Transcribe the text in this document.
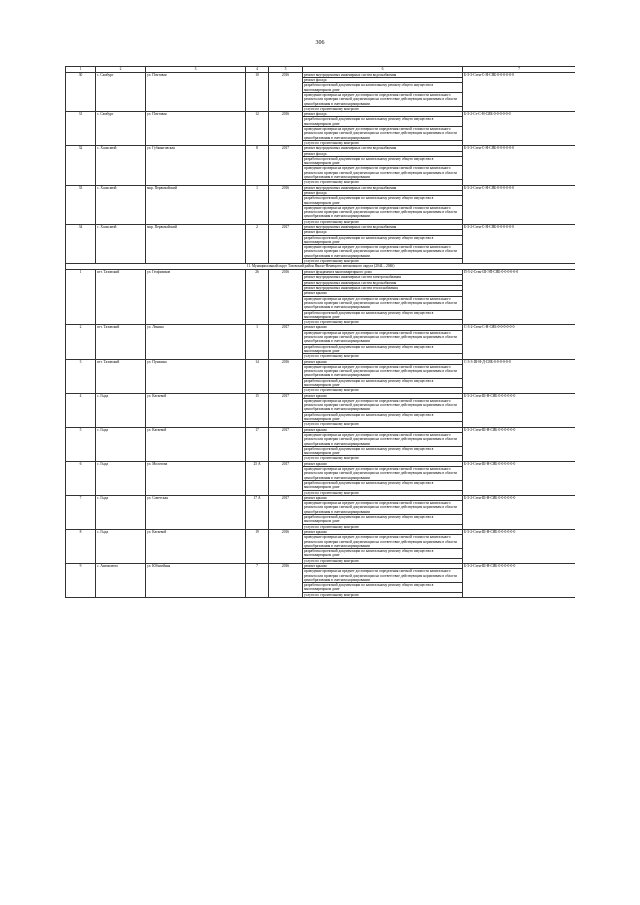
306
1	2	3	4	5	6	7
30	с. Самбург	ул. Почтовая	10	2016	ремонт внутридомовых инженерных систем водоснабжения	Б-3-3-Стен-С-Н-СЯБ-0-0-0-0-0-0
					ремонт фасада	
					разработка проектной документации на капитальному ремонту общего имущества в многоквартирном доме	
					проведение проверки на предмет достоверности определения сметной стоимости капитального ремонта или проверки сметной документации на соответствие действующим нормативам в области ценообразования в сметном нормировании	
					услуги по строительному контролю	
31	с. Самбург	ул. Почтовая	12	2016	ремонт фасада	Б-3-2-Ст-С-Н-СЯБ-0-0-0-0-0-0
					разработка проектной документации по капитальному ремонту общего имущества в многоквартирном доме	
					проведение проверки на предмет достоверности определения сметной стоимости капитального ремонта или проверки сметной документации на соответствие действующим нормативам в области ценообразования в сметном нормировании	
					услуги по строительному контролю	
32	с. Халясавэй	ул. Губкинговская	8	2017	ремонт внутридомовых инженерных систем водоснабжения	Б-3-3-Стен-С-Н-СЯБ-0-0-0-0-0-0
					ремонт фасада	
					разработка проектной документации по капитальному ремонту общего имущества в многоквартирном доме	
					проведение проверки на предмет достоверности определения сметной стоимости капитального ремонта или проверки сметной документации на соответствие действующим нормативам в области ценообразования в сметном нормировании	
					услуги по строительному контролю	
33	с. Халясавэй	мкр. Первомайский	1	2016	ремонт внутридомовых инженерных систем водоснабжения	Б-3-2-Стен-С-Н-СЯБ-0-0-0-0-0-0
					ремонт фасада	
					разработка проектной документации по капитальному ремонту общего имущества в многоквартирном доме	
					проведение проверки на предмет достоверности определения сметной стоимости капитального ремонта или проверки сметной документации на соответствие действующим нормативам в области ценообразования в сметном нормировании	
					услуги по строительному контролю	
34	с. Халясавэй	мкр. Первомайский	2	2017	ремонт внутридомовых инженерных систем водоснабжения	Б-3-2-Стен-С-Н-СЯБ-0-0-0-0-0-0
					ремонт фасада	
					разработка проектной документации по капитальному ремонту общего имущества в многоквартирном доме	
					проведение проверки на предмет достоверности определения сметной стоимости капитального ремонта или проверки сметной документации на соответствие действующим нормативам в области ценообразования в сметном нормировании	
					услуги по строительному контролю	
11. Муниципальный округ Тазовский район Ямало-Ненецкого автономного округа (2044 – 2046)						
1	пгт. Тазовский	ул. Геофизиков	26	2016	ремонт фундамента многоквартирного дома	П-3-2-Стен-Ш-ЭП-СЯБ-0-0-0-0-0-0
					ремонт внутридомовых инженерных систем электроснабжения	
					ремонт внутридомовых инженерных систем водоснабжения	
					ремонт внутридомовых инженерных систем теплоснабжения	
					ремонт крыши	
					проведение проверки на предмет достоверности определения сметной стоимости капитального ремонта или проверки сметной документации на соответствие действующим нормативам в области ценообразования в сметном нормировании	
					разработка проектной документации по капитальному ремонту общего имущества в многоквартирном доме	
					услуги по строительному контролю	
2	пгт. Тазовский	ул. Ленина	1	2017	ремонт крыши	С-3-2-Стен-С-Н-СЯБ-0-0-0-0-0-0
					проведение проверки на предмет достоверности определения сметной стоимости капитального ремонта или проверки сметной документации на соответствие действующим нормативам в области ценообразования в сметном нормировании	
					разработка проектной документации по капитальному ремонту общего имущества в многоквартирном доме	
					услуги по строительному контролю	
3	пгт. Тазовский	ул. Пушкина	14	2016	ремонт крыши	С-3-3-Ш-Н-Д-СЯБ-0-0-0-0-0-0
					проведение проверки на предмет достоверности определения сметной стоимости капитального ремонта или проверки сметной документации на соответствие действующим нормативам в области ценообразования в сметном нормировании	
					разработка проектной документации по капитальному ремонту общего имущества в многоквартирном доме	
					услуги по строительному контролю	
4	с. Гыда	ул. Катаевой	15	2017	ремонт крыши	Б-3-2-Стен-Ш-Н-СЯБ-0-0-0-0-0-0
					проведение проверки на предмет достоверности определения сметной стоимости капитального ремонта или проверки сметной документации на соответствие действующим нормативам в области ценообразования в сметном нормировании	
					разработка проектной документации по капитальному ремонту общего имущества в многоквартирном доме	
					услуги по строительному контролю	
5	с. Гыда	ул. Катаевой	17	2017	ремонт крыши	Б-3-2-Стен-Ш-Н-СЯБ-0-0-0-0-0-0
					проведение проверки на предмет достоверности определения сметной стоимости капитального ремонта или проверки сметной документации на соответствие действующим нормативам в области ценообразования в сметном нормировании	
					разработка проектной документации по капитальному ремонту общего имущества в многоквартирном доме	
					услуги по строительному контролю	
6	с. Гыда	ул. Молотова	25 А	2017	ремонт крыши	Б-3-2-Стен-Ш-Н-СЯБ-0-0-0-0-0-0
					проведение проверки на предмет достоверности определения сметной стоимости капитального ремонта или проверки сметной документации на соответствие действующим нормативам в области ценообразования в сметном нормировании	
					разработка проектной документации по капитальному ремонту общего имущества в многоквартирном доме	
					услуги по строительному контролю	
7	с. Гыда	ул. Советская	17 А	2017	ремонт крыши	Б-3-2-Стен-Ш-Н-СЯБ-0-0-0-0-0-0
					проведение проверки на предмет достоверности определения сметной стоимости капитального ремонта или проверки сметной документации на соответствие действующим нормативам в области ценообразования в сметном нормировании	
					разработка проектной документации по капитальному ремонту общего имущества в многоквартирном доме	
					услуги по строительному контролю	
8	с. Гыда	ул. Катаевой	19	2016	ремонт крыши	Б-3-2-Стен-Ш-Н-СЯБ-0-0-0-0-0-0
					проведение проверки на предмет достоверности определения сметной стоимости капитального ремонта или проверки сметной документации на соответствие действующим нормативам в области ценообразования в сметном нормировании	
					разработка проектной документации по капитальному ремонту общего имущества в многоквартирном доме	
					услуги по строительному контролю	
9	с. Антипаюта	ул. Юбилейная	7	2016	ремонт крыши	Б-3-2-Стен-Ш-Н-СЯБ-0-0-0-0-0-0
					проведение проверки на предмет достоверности определения сметной стоимости капитального ремонта или проверки сметной документации на соответствие действующим нормативам в области ценообразования в сметном нормировании	
					разработка проектной документации по капитальному ремонту общего имущества в многоквартирном доме	
					услуги по строительному контролю	
